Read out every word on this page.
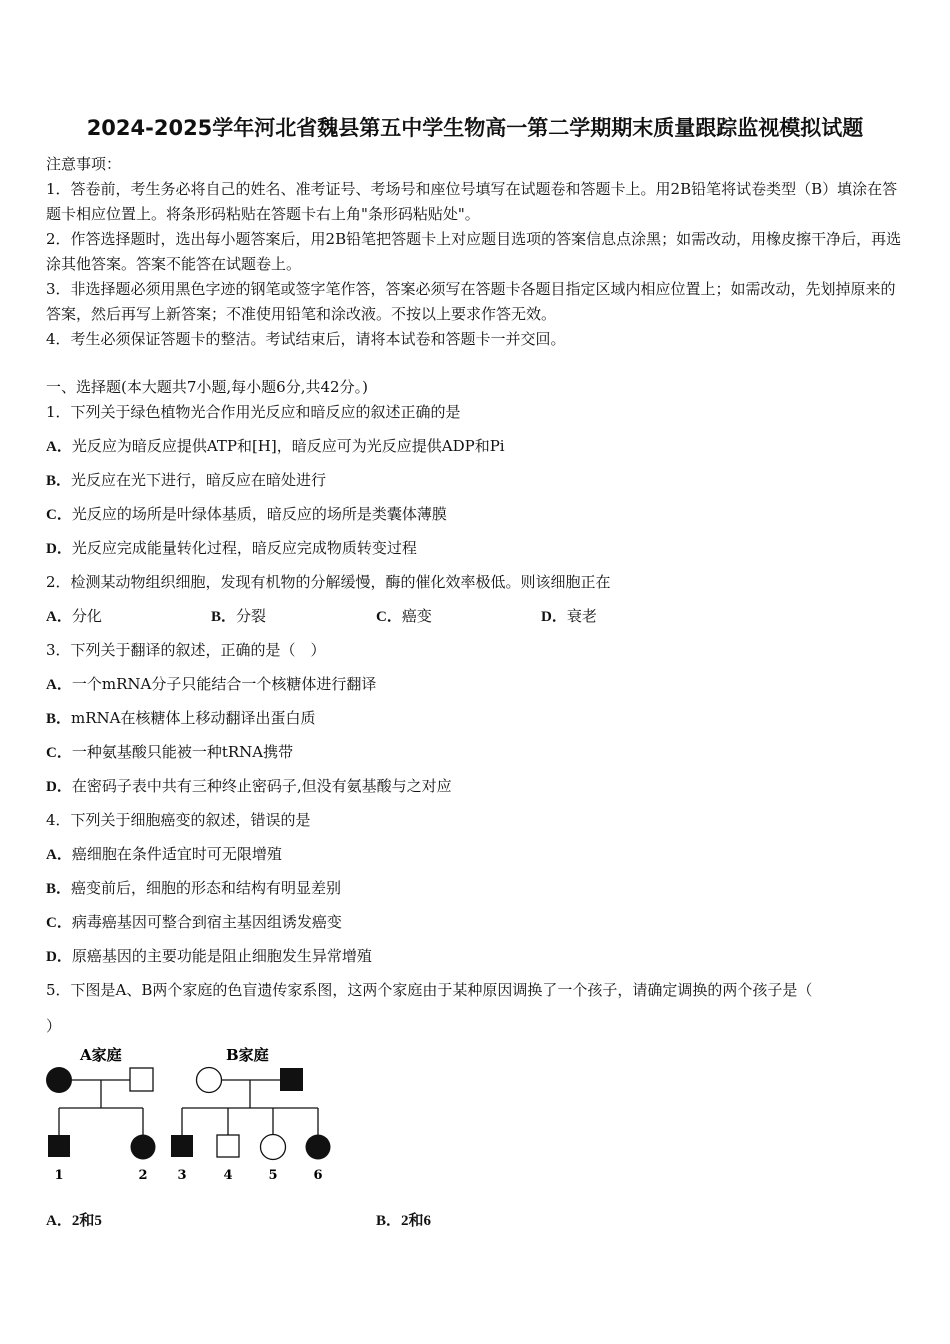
2024-2025学年河北省魏县第五中学生物高一第二学期期末质量跟踪监视模拟试题
注意事项：
1．答卷前，考生务必将自己的姓名、准考证号、考场号和座位号填写在试题卷和答题卡上。用2B铅笔将试卷类型（B）填涂在答题卡相应位置上。将条形码粘贴在答题卡右上角"条形码粘贴处"。
2．作答选择题时，选出每小题答案后，用2B铅笔把答题卡上对应题目选项的答案信息点涂黑；如需改动，用橡皮擦干净后，再选涂其他答案。答案不能答在试题卷上。
3．非选择题必须用黑色字迹的钢笔或签字笔作答，答案必须写在答题卡各题目指定区域内相应位置上；如需改动，先划掉原来的答案，然后再写上新答案；不准使用铅笔和涂改液。不按以上要求作答无效。
4．考生必须保证答题卡的整洁。考试结束后，请将本试卷和答题卡一并交回。
一、选择题(本大题共7小题,每小题6分,共42分。)
1．下列关于绿色植物光合作用光反应和暗反应的叙述正确的是
A．光反应为暗反应提供ATP和[H]，暗反应可为光反应提供ADP和Pi
B．光反应在光下进行，暗反应在暗处进行
C．光反应的场所是叶绿体基质，暗反应的场所是类囊体薄膜
D．光反应完成能量转化过程，暗反应完成物质转变过程
2．检测某动物组织细胞，发现有机物的分解缓慢，酶的催化效率极低。则该细胞正在
A．分化	B．分裂	C．癌变	D．衰老
3．下列关于翻译的叙述，正确的是（　）
A．一个mRNA分子只能结合一个核糖体进行翻译
B．mRNA在核糖体上移动翻译出蛋白质
C．一种氨基酸只能被一种tRNA携带
D．在密码子表中共有三种终止密码子,但没有氨基酸与之对应
4．下列关于细胞癌变的叙述，错误的是
A．癌细胞在条件适宜时可无限增殖
B．癌变前后，细胞的形态和结构有明显差别
C．病毒癌基因可整合到宿主基因组诱发癌变
D．原癌基因的主要功能是阻止细胞发生异常增殖
5．下图是A、B两个家庭的色盲遗传家系图，这两个家庭由于某种原因调换了一个孩子，请确定调换的两个孩子是（
）
A家庭	B家庭
1	2 3	4	5	6
A．2和5	B．2和6
